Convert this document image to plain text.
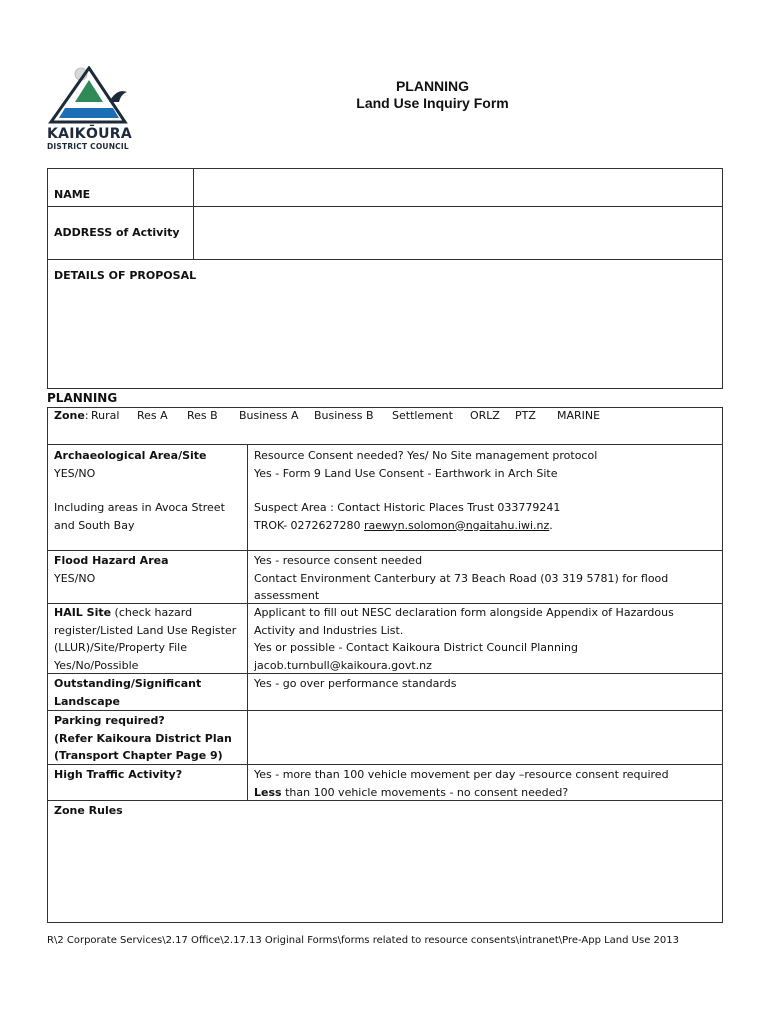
KAIKŌURA
DISTRICT COUNCIL
PLANNING
Land Use Inquiry Form
NAME
ADDRESS of Activity
DETAILS OF PROPOSAL
PLANNING
Zone: Rural Res A Res B Business A Business B Settlement ORLZ PTZ MARINE
Archaeological Area/Site
YES/NO
Including areas in Avoca Street
and South Bay
Resource Consent needed? Yes/ No Site management protocol
Yes - Form 9 Land Use Consent - Earthwork in Arch Site
Suspect Area : Contact Historic Places Trust 033779241
TROK- 0272627280 raewyn.solomon@ngaitahu.iwi.nz.
Flood Hazard Area
YES/NO
Yes - resource consent needed
Contact Environment Canterbury at 73 Beach Road (03 319 5781) for flood
assessment
HAIL Site (check hazard
register/Listed Land Use Register
(LLUR)/Site/Property File
Yes/No/Possible
Applicant to fill out NESC declaration form alongside Appendix of Hazardous
Activity and Industries List.
Yes or possible - Contact Kaikoura District Council Planning
jacob.turnbull@kaikoura.govt.nz
Outstanding/Significant
Landscape
Yes - go over performance standards
Parking required?
(Refer Kaikoura District Plan
(Transport Chapter Page 9)
High Traffic Activity?	Yes - more than 100 vehicle movement per day –resource consent required
Less than 100 vehicle movements - no consent needed?
Zone Rules
R\2 Corporate Services\2.17 Office\2.17.13 Original Forms\forms related to resource consents\intranet\Pre-App Land Use 2013
